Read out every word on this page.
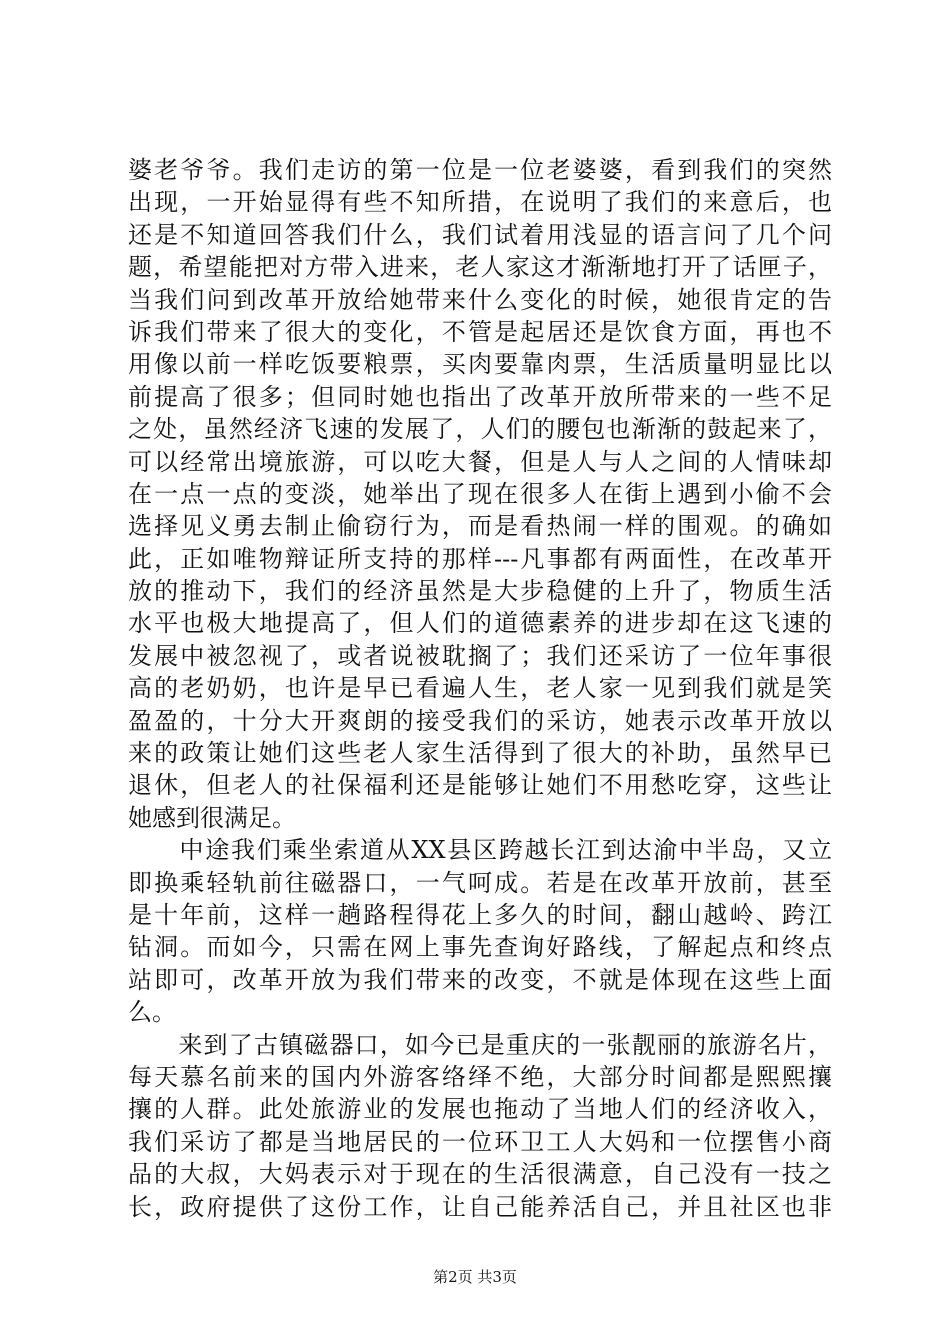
婆老爷爷。我们走访的第一位是一位老婆婆，看到我们的突然
出现，一开始显得有些不知所措，在说明了我们的来意后，也
还是不知道回答我们什么，我们试着用浅显的语言问了几个问
题，希望能把对方带入进来，老人家这才渐渐地打开了话匣子，
当我们问到改革开放给她带来什么变化的时候，她很肯定的告
诉我们带来了很大的变化，不管是起居还是饮食方面，再也不
用像以前一样吃饭要粮票，买肉要靠肉票，生活质量明显比以
前提高了很多；但同时她也指出了改革开放所带来的一些不足
之处，虽然经济飞速的发展了，人们的腰包也渐渐的鼓起来了，
可以经常出境旅游，可以吃大餐，但是人与人之间的人情味却
在一点一点的变淡，她举出了现在很多人在街上遇到小偷不会
选择见义勇去制止偷窃行为，而是看热闹一样的围观。的确如
此，正如唯物辩证所支持的那样---凡事都有两面性，在改革开
放的推动下，我们的经济虽然是大步稳健的上升了，物质生活
水平也极大地提高了，但人们的道德素养的进步却在这飞速的
发展中被忽视了，或者说被耽搁了；我们还采访了一位年事很
高的老奶奶，也许是早已看遍人生，老人家一见到我们就是笑
盈盈的，十分大开爽朗的接受我们的采访，她表示改革开放以
来的政策让她们这些老人家生活得到了很大的补助，虽然早已
退休，但老人的社保福利还是能够让她们不用愁吃穿，这些让
她感到很满足。
　　中途我们乘坐索道从XX县区跨越长江到达渝中半岛，又立
即换乘轻轨前往磁器口，一气呵成。若是在改革开放前，甚至
是十年前，这样一趟路程得花上多久的时间，翻山越岭、跨江
钻洞。而如今，只需在网上事先查询好路线，了解起点和终点
站即可，改革开放为我们带来的改变，不就是体现在这些上面
么。
　　来到了古镇磁器口，如今已是重庆的一张靓丽的旅游名片，
每天慕名前来的国内外游客络绎不绝，大部分时间都是熙熙攘
攘的人群。此处旅游业的发展也拖动了当地人们的经济收入，
我们采访了都是当地居民的一位环卫工人大妈和一位摆售小商
品的大叔，大妈表示对于现在的生活很满意，自己没有一技之
长，政府提供了这份工作，让自己能养活自己，并且社区也非
第2页 共3页
